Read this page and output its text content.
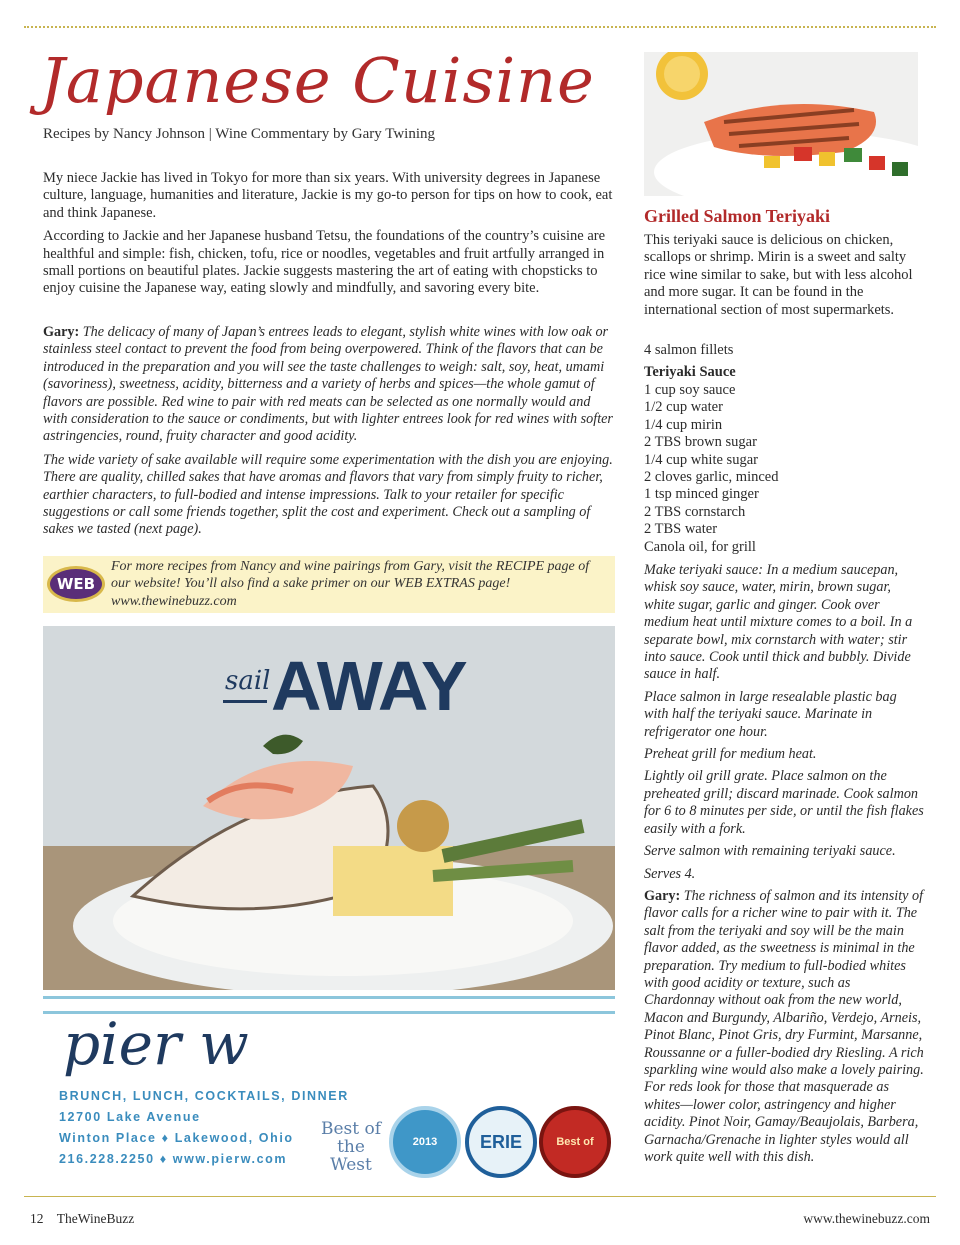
Japanese Cuisine
Recipes by Nancy Johnson | Wine Commentary by Gary Twining

My niece Jackie has lived in Tokyo for more than six years. With university degrees in Japanese culture, language, humanities and literature, Jackie is my go-to person for tips on how to cook, eat and think Japanese.

According to Jackie and her Japanese husband Tetsu, the foundations of the country’s cuisine are healthful and simple: fish, chicken, tofu, rice or noodles, vegetables and fruit artfully arranged in small portions on beautiful plates. Jackie suggests mastering the art of eating with chopsticks to enjoy cuisine the Japanese way, eating slowly and mindfully, and savoring every bite.

Gary: The delicacy of many of Japan’s entrees leads to elegant, stylish white wines with low oak or stainless steel contact to prevent the food from being overpowered. Think of the flavors that can be introduced in the preparation and you will see the taste challenges to weigh: salt, soy, heat, umami (savoriness), sweetness, acidity, bitterness and a variety of herbs and spices—the whole gamut of flavors are possible. Red wine to pair with red meats can be selected as one normally would and with consideration to the sauce or condiments, but with lighter entrees look for red wines with softer astringencies, round, fruity character and good acidity.

The wide variety of sake available will require some experimentation with the dish you are enjoying. There are quality, chilled sakes that have aromas and flavors that vary from simply fruity to richer, earthier characters, to full-bodied and intense impressions. Talk to your retailer for specific suggestions or call some friends together, split the cost and experiment. Check out a sampling of sakes we tasted (next page).

WEB
For more recipes from Nancy and wine pairings from Gary, visit the RECIPE page of our website! You’ll also find a sake primer on our WEB EXTRAS page! www.thewinebuzz.com
sail AWAY
pier w
BRUNCH, LUNCH, COCKTAILS, DINNER
12700 Lake Avenue
Winton Place ♦ Lakewood, Ohio
216.228.2250 ♦ www.pierw.com
Best of the West
2013	ERIE	Best of
Grilled Salmon Teriyaki

This teriyaki sauce is delicious on chicken, scallops or shrimp. Mirin is a sweet and salty rice wine similar to sake, but with less alcohol and more sugar. It can be found in the international section of most supermarkets.

4 salmon fillets
Teriyaki Sauce
1 cup soy sauce
1/2 cup water
1/4 cup mirin
2 TBS brown sugar
1/4 cup white sugar
2 cloves garlic, minced
1 tsp minced ginger
2 TBS cornstarch
2 TBS water
Canola oil, for grill

Make teriyaki sauce: In a medium saucepan, whisk soy sauce, water, mirin, brown sugar, white sugar, garlic and ginger. Cook over medium heat until mixture comes to a boil. In a separate bowl, mix cornstarch with water; stir into sauce. Cook until thick and bubbly. Divide sauce in half.

Place salmon in large resealable plastic bag with half the teriyaki sauce. Marinate in refrigerator one hour.

Preheat grill for medium heat.

Lightly oil grill grate. Place salmon on the preheated grill; discard marinade. Cook salmon for 6 to 8 minutes per side, or until the fish flakes easily with a fork.

Serve salmon with remaining teriyaki sauce.

Serves 4.

Gary: The richness of salmon and its intensity of flavor calls for a richer wine to pair with it. The salt from the teriyaki and soy will be the main flavor added, as the sweetness is minimal in the preparation. Try medium to full-bodied whites with good acidity or texture, such as Chardonnay without oak from the new world, Macon and Burgundy, Albariño, Verdejo, Arneis, Pinot Blanc, Pinot Gris, dry Furmint, Marsanne, Roussanne or a fuller-bodied dry Riesling. A rich sparkling wine would also make a lovely pairing. For reds look for those that masquerade as whites—lower color, astringency and higher acidity. Pinot Noir, Gamay/Beaujolais, Barbera, Garnacha/Grenache in lighter styles would all work quite well with this dish.

12 TheWineBuzz	www.thewinebuzz.com
